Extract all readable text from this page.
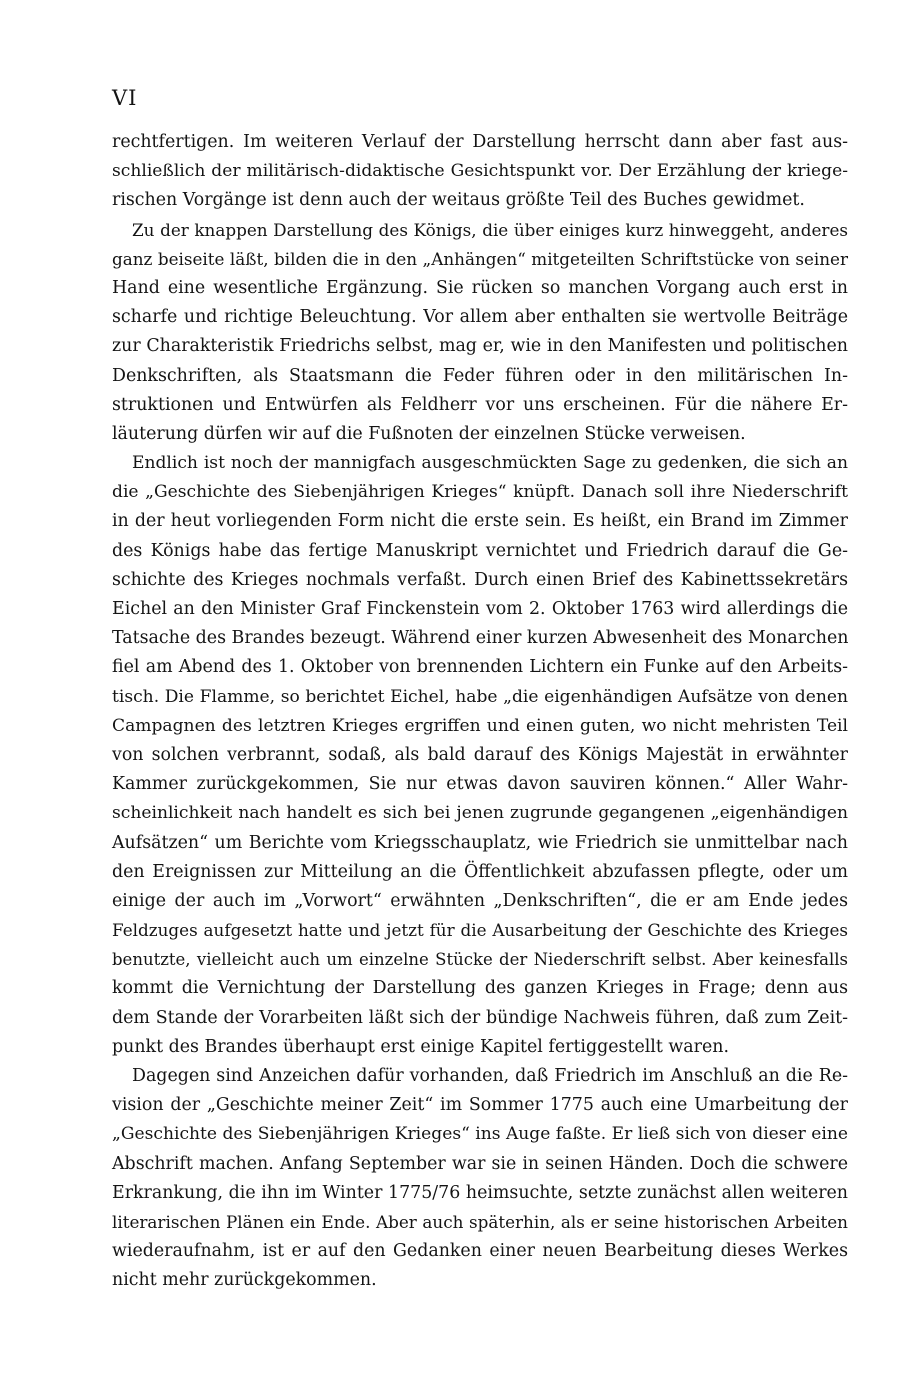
VI
rechtfertigen. Im weiteren Verlauf der Darstellung herrscht dann aber fast aus-
schließlich der militärisch-didaktische Gesichtspunkt vor. Der Erzählung der kriege-
rischen Vorgänge ist denn auch der weitaus größte Teil des Buches gewidmet.
Zu der knappen Darstellung des Königs, die über einiges kurz hinweggeht, anderes
ganz beiseite läßt, bilden die in den „Anhängen“ mitgeteilten Schriftstücke von seiner
Hand eine wesentliche Ergänzung. Sie rücken so manchen Vorgang auch erst in
scharfe und richtige Beleuchtung. Vor allem aber enthalten sie wertvolle Beiträge
zur Charakteristik Friedrichs selbst, mag er, wie in den Manifesten und politischen
Denkschriften, als Staatsmann die Feder führen oder in den militärischen In-
struktionen und Entwürfen als Feldherr vor uns erscheinen. Für die nähere Er-
läuterung dürfen wir auf die Fußnoten der einzelnen Stücke verweisen.
Endlich ist noch der mannigfach ausgeschmückten Sage zu gedenken, die sich an
die „Geschichte des Siebenjährigen Krieges“ knüpft. Danach soll ihre Niederschrift
in der heut vorliegenden Form nicht die erste sein. Es heißt, ein Brand im Zimmer
des Königs habe das fertige Manuskript vernichtet und Friedrich darauf die Ge-
schichte des Krieges nochmals verfaßt. Durch einen Brief des Kabinettssekretärs
Eichel an den Minister Graf Finckenstein vom 2. Oktober 1763 wird allerdings die
Tatsache des Brandes bezeugt. Während einer kurzen Abwesenheit des Monarchen
fiel am Abend des 1. Oktober von brennenden Lichtern ein Funke auf den Arbeits-
tisch. Die Flamme, so berichtet Eichel, habe „die eigenhändigen Aufsätze von denen
Campagnen des letztren Krieges ergriffen und einen guten, wo nicht mehristen Teil
von solchen verbrannt, sodaß, als bald darauf des Königs Majestät in erwähnter
Kammer zurückgekommen, Sie nur etwas davon sauviren können.“ Aller Wahr-
scheinlichkeit nach handelt es sich bei jenen zugrunde gegangenen „eigenhändigen
Aufsätzen“ um Berichte vom Kriegsschauplatz, wie Friedrich sie unmittelbar nach
den Ereignissen zur Mitteilung an die Öffentlichkeit abzufassen pflegte, oder um
einige der auch im „Vorwort“ erwähnten „Denkschriften“, die er am Ende jedes
Feldzuges aufgesetzt hatte und jetzt für die Ausarbeitung der Geschichte des Krieges
benutzte, vielleicht auch um einzelne Stücke der Niederschrift selbst. Aber keinesfalls
kommt die Vernichtung der Darstellung des ganzen Krieges in Frage; denn aus
dem Stande der Vorarbeiten läßt sich der bündige Nachweis führen, daß zum Zeit-
punkt des Brandes überhaupt erst einige Kapitel fertiggestellt waren.
Dagegen sind Anzeichen dafür vorhanden, daß Friedrich im Anschluß an die Re-
vision der „Geschichte meiner Zeit“ im Sommer 1775 auch eine Umarbeitung der
„Geschichte des Siebenjährigen Krieges“ ins Auge faßte. Er ließ sich von dieser eine
Abschrift machen. Anfang September war sie in seinen Händen. Doch die schwere
Erkrankung, die ihn im Winter 1775/76 heimsuchte, setzte zunächst allen weiteren
literarischen Plänen ein Ende. Aber auch späterhin, als er seine historischen Arbeiten
wiederaufnahm, ist er auf den Gedanken einer neuen Bearbeitung dieses Werkes
nicht mehr zurückgekommen.
